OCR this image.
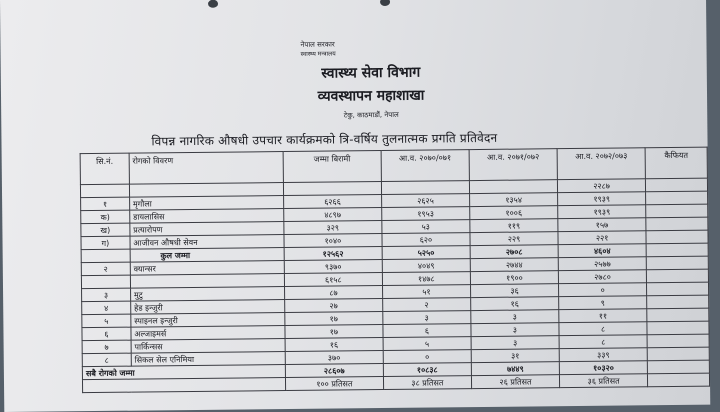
नेपाल सरकार
स्वास्थ्य मन्त्रालय
स्वास्थ्य सेवा विभाग
व्यवस्थापन महाशाखा
टेकु, काठमाडौं, नेपाल
विपन्न नागरिक औषधी उपचार कार्यक्रमको त्रि-वर्षिय तुलनात्मक प्रगति प्रतिवेदन
सि.नं.	रोगको विवरण	जम्मा बिरामी	आ.व. २०७०/०७१	आ.व. २०७१/०७२	आ.व. २०७२/०७३	कैफियत
					२२८७	
१	मृगौला	६२६६	२६२५	१३५४	१९३९	
क)	डायलासिस	४८९७	१९५३	१००६	१९३९	
ख)	प्रत्यारोपण	३२९	५३	११९	१५७	
ग)	आजीवन औषधी सेवन	१०४०	६२०	२२९	२२१	
	कुल जम्मा	१२५६२	५२५०	२७०८	४६०४	
२	क्यान्सर	९३७०	४०४९	२७४४	२५७७	
		६१५८	१४७८	१९००	२७८०	
३	मुटु	८७	५१	३६	०	
४	हेड इन्जुरी	२७	२	१६	९	
५	स्पाइनल इन्जुरी	१७	३	३	११	
६	अल्जाइमर्स	१७	६	३	८	
७	पार्किन्सस	१६	५	३	८	
८	सिकल सेल एनिमिया	३७०	०	३१	३३९	
सबै रोगको जम्मा		२८६०७	१०८३८	७४४९	१०३२०	
		१०० प्रतिसत	३८ प्रतिसत	२६ प्रतिसत	३६ प्रतिसत	
